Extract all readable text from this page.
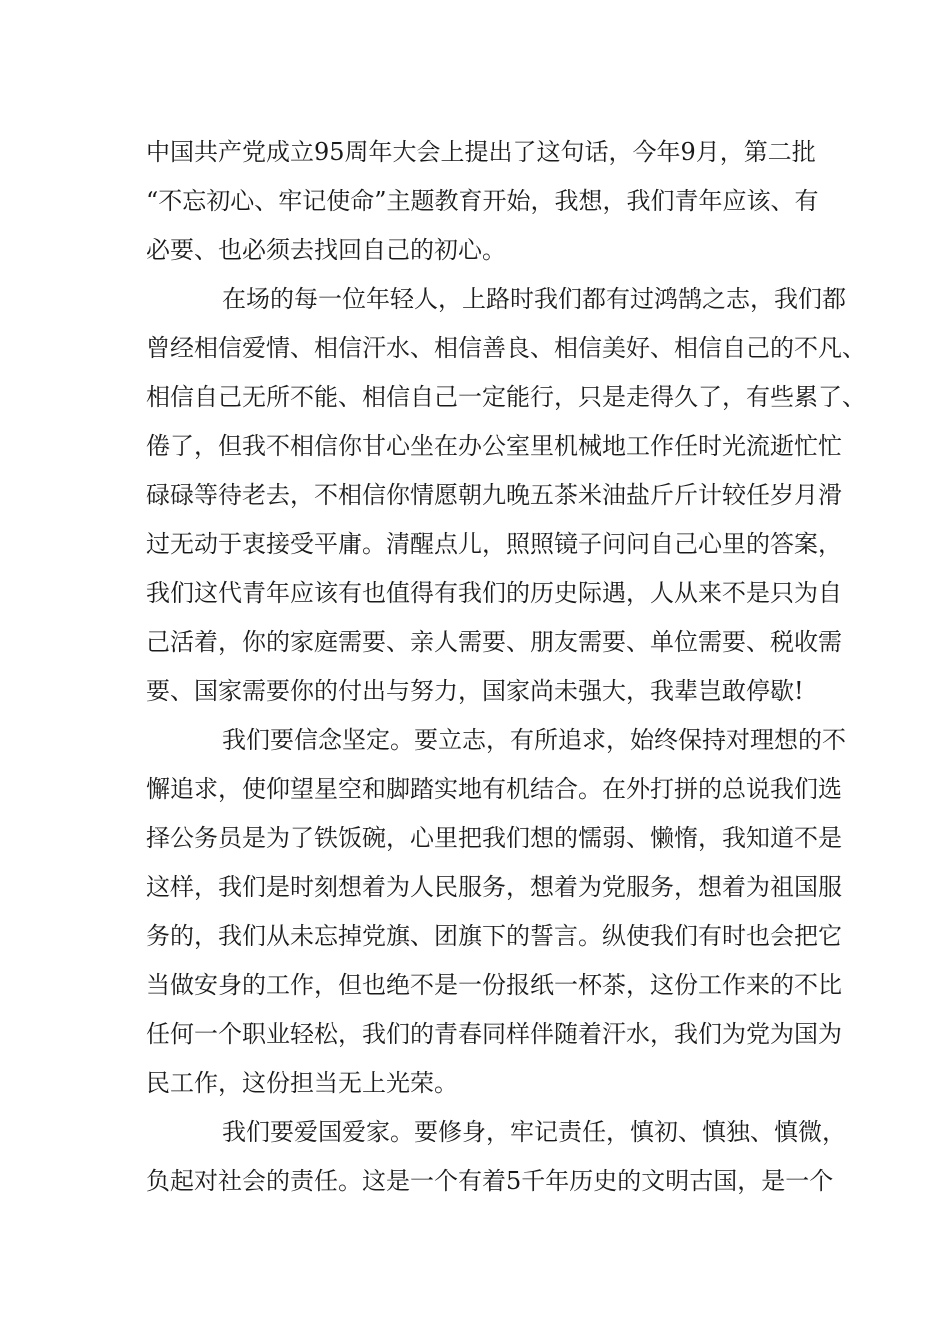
中国共产党成立95周年大会上提出了这句话，今年9月，第二批
“不忘初心、牢记使命”主题教育开始，我想，我们青年应该、有
必要、也必须去找回自己的初心。
在场的每一位年轻人，上路时我们都有过鸿鹄之志，我们都
曾经相信爱情、相信汗水、相信善良、相信美好、相信自己的不凡、
相信自己无所不能、相信自己一定能行，只是走得久了，有些累了、
倦了，但我不相信你甘心坐在办公室里机械地工作任时光流逝忙忙
碌碌等待老去，不相信你情愿朝九晚五茶米油盐斤斤计较任岁月滑
过无动于衷接受平庸。清醒点儿，照照镜子问问自己心里的答案，
我们这代青年应该有也值得有我们的历史际遇，人从来不是只为自
己活着，你的家庭需要、亲人需要、朋友需要、单位需要、税收需
要、国家需要你的付出与努力，国家尚未强大，我辈岂敢停歇!
我们要信念坚定。要立志，有所追求，始终保持对理想的不
懈追求，使仰望星空和脚踏实地有机结合。在外打拼的总说我们选
择公务员是为了铁饭碗，心里把我们想的懦弱、懒惰，我知道不是
这样，我们是时刻想着为人民服务，想着为党服务，想着为祖国服
务的，我们从未忘掉党旗、团旗下的誓言。纵使我们有时也会把它
当做安身的工作，但也绝不是一份报纸一杯茶，这份工作来的不比
任何一个职业轻松，我们的青春同样伴随着汗水，我们为党为国为
民工作，这份担当无上光荣。
我们要爱国爱家。要修身，牢记责任，慎初、慎独、慎微，
负起对社会的责任。这是一个有着5千年历史的文明古国，是一个
